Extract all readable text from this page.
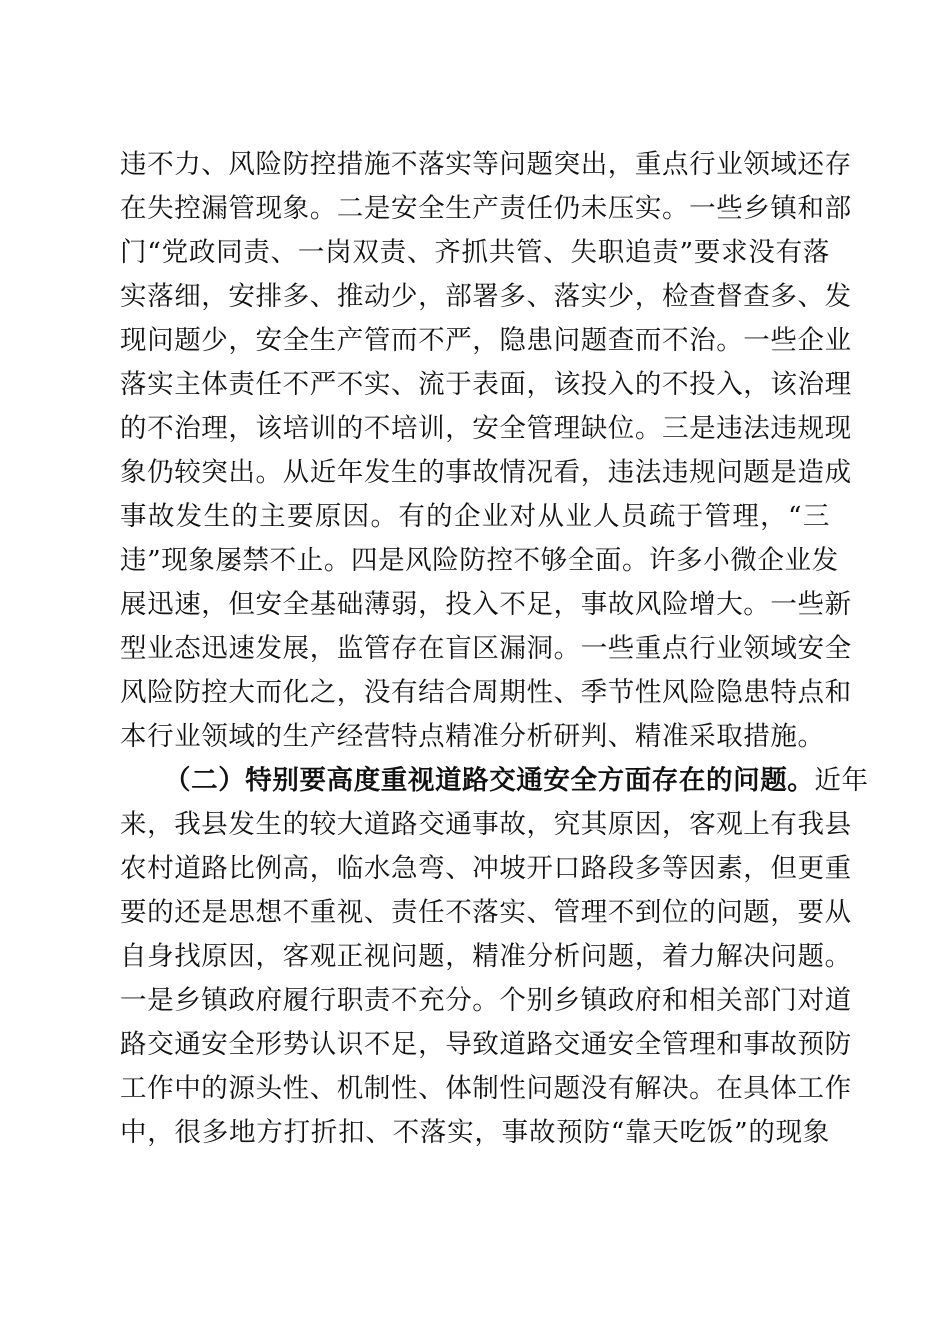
违不力、风险防控措施不落实等问题突出，重点行业领域还存
在失控漏管现象。二是安全生产责任仍未压实。一些乡镇和部
门“党政同责、一岗双责、齐抓共管、失职追责”要求没有落
实落细，安排多、推动少，部署多、落实少，检查督查多、发
现问题少，安全生产管而不严，隐患问题查而不治。一些企业
落实主体责任不严不实、流于表面，该投入的不投入，该治理
的不治理，该培训的不培训，安全管理缺位。三是违法违规现
象仍较突出。从近年发生的事故情况看，违法违规问题是造成
事故发生的主要原因。有的企业对从业人员疏于管理，“三
违”现象屡禁不止。四是风险防控不够全面。许多小微企业发
展迅速，但安全基础薄弱，投入不足，事故风险增大。一些新
型业态迅速发展，监管存在盲区漏洞。一些重点行业领域安全
风险防控大而化之，没有结合周期性、季节性风险隐患特点和
本行业领域的生产经营特点精准分析研判、精准采取措施。
（二）特别要高度重视道路交通安全方面存在的问题。近年
来，我县发生的较大道路交通事故，究其原因，客观上有我县
农村道路比例高，临水急弯、冲坡开口路段多等因素，但更重
要的还是思想不重视、责任不落实、管理不到位的问题，要从
自身找原因，客观正视问题，精准分析问题，着力解决问题。
一是乡镇政府履行职责不充分。个别乡镇政府和相关部门对道
路交通安全形势认识不足，导致道路交通安全管理和事故预防
工作中的源头性、机制性、体制性问题没有解决。在具体工作
中，很多地方打折扣、不落实，事故预防“靠天吃饭”的现象
